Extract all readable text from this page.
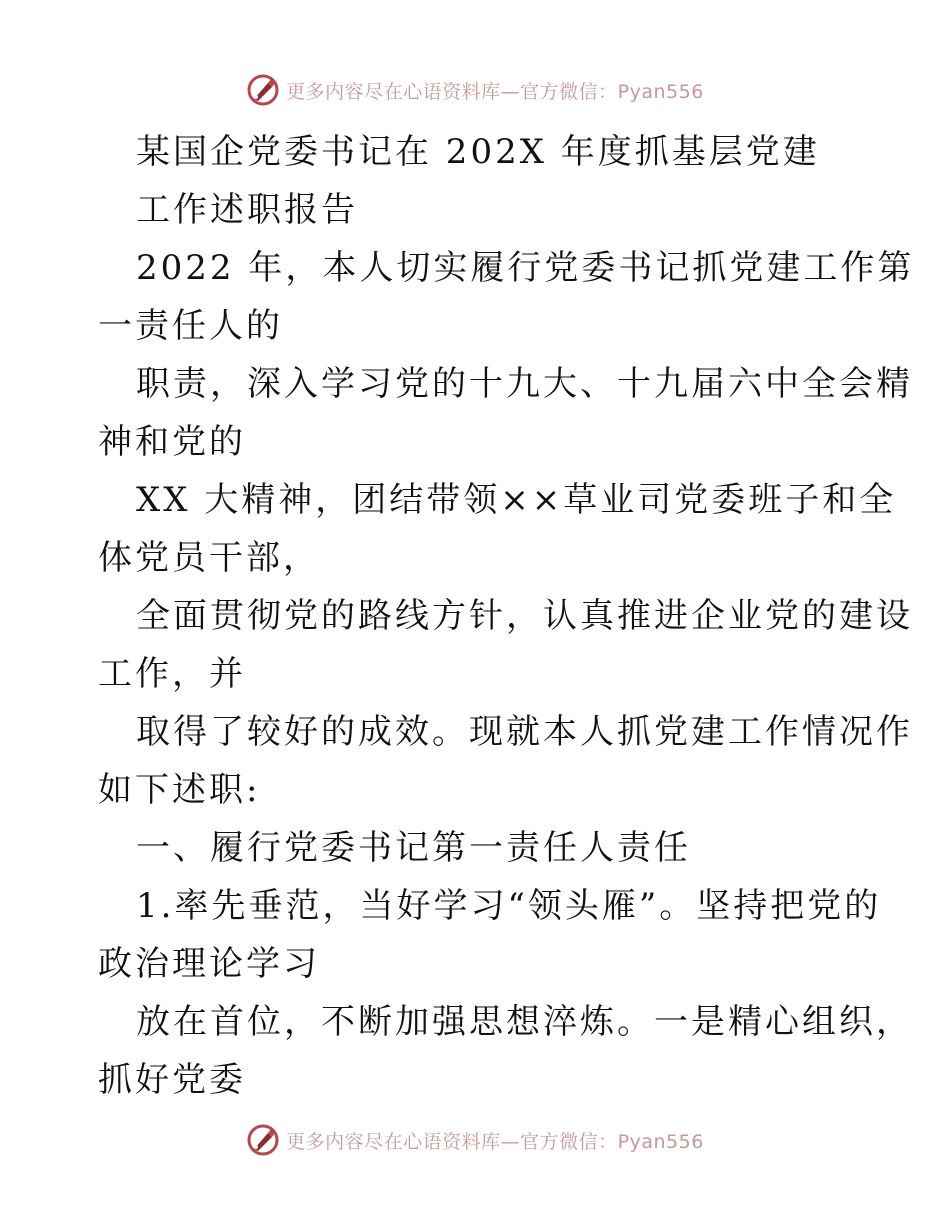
更多内容尽在心语资料库—官方微信：Pyan556
某国企党委书记在 202X 年度抓基层党建
工作述职报告
2022 年，本人切实履行党委书记抓党建工作第
一责任人的
职责，深入学习党的十九大、十九届六中全会精
神和党的
XX 大精神，团结带领××草业司党委班子和全
体党员干部，
全面贯彻党的路线方针，认真推进企业党的建设
工作，并
取得了较好的成效。现就本人抓党建工作情况作
如下述职:
一、履行党委书记第一责任人责任
1.率先垂范，当好学习“领头雁”。坚持把党的
政治理论学习
放在首位，不断加强思想淬炼。一是精心组织，
抓好党委
更多内容尽在心语资料库—官方微信：Pyan556
